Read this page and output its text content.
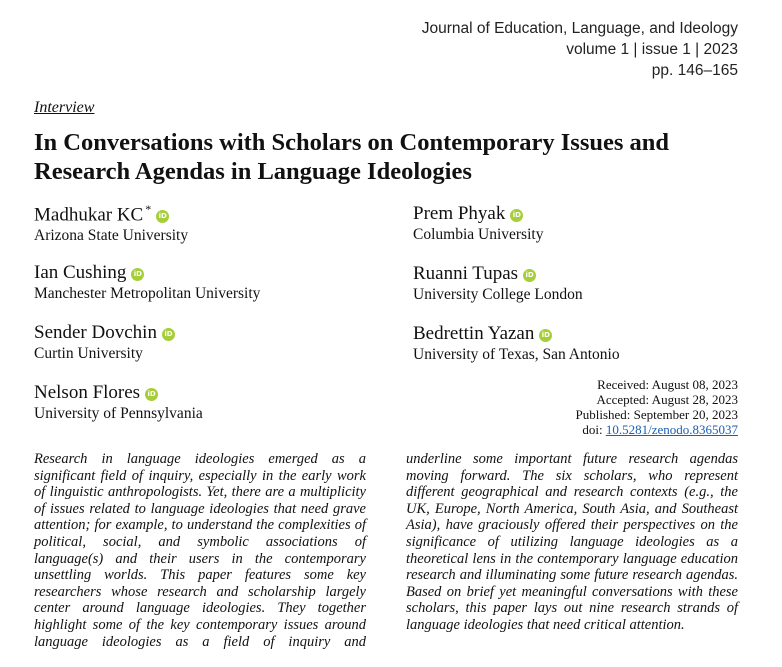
Journal of Education, Language, and Ideology
volume 1 | issue 1 | 2023
pp. 146–165
Interview
In Conversations with Scholars on Contemporary Issues and Research Agendas in Language Ideologies
Madhukar KC *iD
Arizona State University
Ian Cushing iD
Manchester Metropolitan University
Sender Dovchin iD
Curtin University
Nelson Flores iD
University of Pennsylvania
Prem Phyak iD
Columbia University
Ruanni Tupas iD
University College London
Bedrettin Yazan iD
University of Texas, San Antonio
Received: August 08, 2023
Accepted: August 28, 2023
Published: September 20, 2023
doi: 10.5281/zenodo.8365037
Research in language ideologies emerged as a significant field of inquiry, especially in the early work of linguistic anthropologists. Yet, there are a multiplicity of issues related to language ideologies that need grave attention; for example, to understand the complexities of political, social, and symbolic associations of language(s) and their users in the contemporary unsettling worlds. This paper features some key researchers whose research and scholarship largely center around language ideologies. They together highlight some of the key contemporary issues around language ideologies as a field of inquiry and
underline some important future research agendas moving forward. The six scholars, who represent different geographical and research contexts (e.g., the UK, Europe, North America, South Asia, and Southeast Asia), have graciously offered their perspectives on the significance of utilizing language ideologies as a theoretical lens in the contemporary language education research and illuminating some future research agendas. Based on brief yet meaningful conversations with these scholars, this paper lays out nine research strands of language ideologies that need critical attention.
